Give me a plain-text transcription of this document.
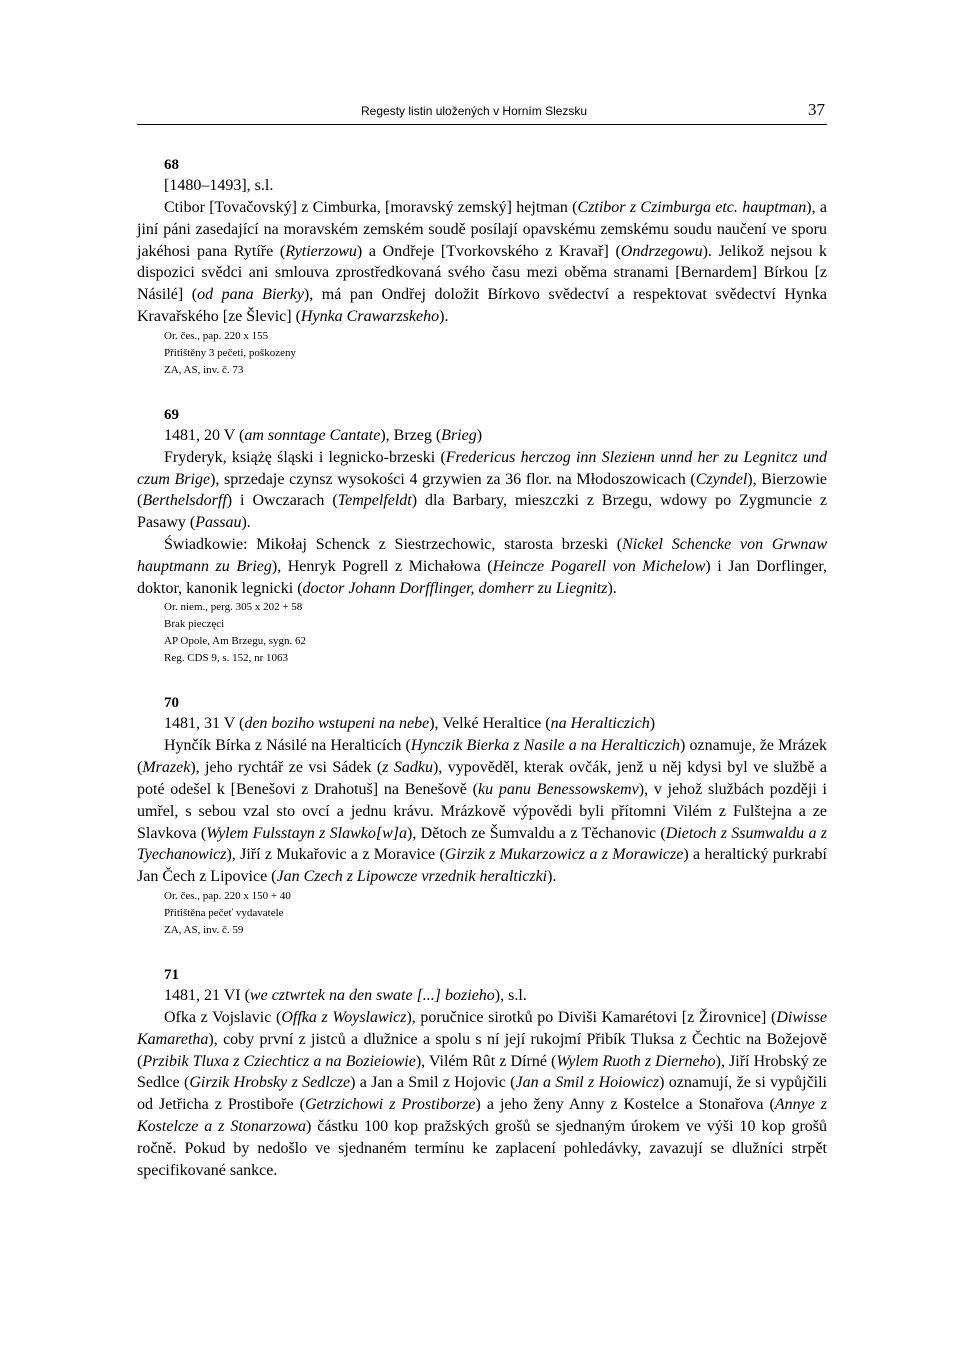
Regesty listin uložených v Horním Slezsku	37
68
[1480–1493], s.l.

Ctibor [Tovačovský] z Cimburka, [moravský zemský] hejtman (Cztibor z Czimburga etc. hauptman), a jiní páni zasedající na moravském zemském soudě posílají opavskému zemskému soudu naučení ve sporu jakéhosi pana Rytíře (Rytierzowu) a Ondřeje [Tvorkovského z Kravař] (Ondrzegowu). Jelikož nejsou k dispozici svědci ani smlouva zprostředkovaná svého času mezi oběma stranami [Bernardem] Bírkou [z Násilé] (od pana Bierky), má pan Ondřej doložit Bírkovo svědectví a respektovat svědectví Hynka Kravařského [ze Šlevic] (Hynka Crawarzskeho).

Or. čes., pap. 220 x 155
Přitištěny 3 pečeti, poškozeny
ZA, AS, inv. č. 73
69
1481, 20 V (am sonntage Cantate), Brzeg (Brieg)

Fryderyk, książę śląski i legnicko-brzeski (Fredericus herczog inn Sleziенn unnd her zu Legnitcz und czum Brige), sprzedaje czynsz wysokości 4 grzywien za 36 flor. na Młodoszowicach (Czyndel), Bierzowie (Berthelsdorff) i Owczarach (Tempelfeldt) dla Barbary, mieszczki z Brzegu, wdowy po Zygmuncie z Pasawy (Passau).

Świadkowie: Mikołaj Schenck z Siestrzechowic, starosta brzeski (Nickel Schencke von Grwnaw hauptmann zu Brieg), Henryk Pogrell z Michałowa (Heincze Pogarell von Michelow) i Jan Dorflinger, doktor, kanonik legnicki (doctor Johann Dorfflinger, domherr zu Liegnitz).

Or. niem., perg. 305 x 202 + 58
Brak pieczęci
AP Opole, Am Brzegu, sygn. 62
Reg. CDS 9, s. 152, nr 1063
70
1481, 31 V (den boziho wstupeni na nebe), Velké Heraltice (na Heralticzich)

Hynčík Bírka z Násilé na Heralticích (Hynczik Bierka z Nasile a na Heralticzich) oznamuje, že Mrázek (Mrazek), jeho rychtář ze vsi Sádek (z Sadku), vypověděl, kterak ovčák, jenž u něj kdysi byl ve službě a poté odešel k [Benešovi z Drahotuš] na Benešově (ku panu Benessowskemv), v jehož službách později i umřel, s sebou vzal sto ovcí a jednu krávu. Mrázkově výpovědi byli přítomni Vilém z Fulštejna a ze Slavkova (Wylem Fulsstayn z Slawko[w]a), Dětoch ze Šumvaldu a z Těchanovic (Dietoch z Ssumwaldu a z Tyechanowicz), Jiří z Mukařovic a z Moravice (Girzik z Mukarzowicz a z Morawicze) a heraltický purkrabí Jan Čech z Lipovice (Jan Czech z Lipowcze vrzednik heralticzki).

Or. čes., pap. 220 x 150 + 40
Přitištěna pečeť vydavatele
ZA, AS, inv. č. 59
71
1481, 21 VI (we cztwrtek na den swate [...] bozieho), s.l.

Ofka z Vojslavic (Offka z Woyslawicz), poručnice sirotků po Divišі Kamarétovi [z Žirovnice] (Diwisse Kamaretha), coby první z jistců a dlužnice a spolu s ní její rukojmí Přibík Tluksa z Čechtic na Božejově (Przibik Tluxa z Cziechticz a na Bozieiowie), Vilém Rût z Dírné (Wylem Ruoth z Dierneho), Jiří Hrobský ze Sedlce (Girzik Hrobsky z Sedlcze) a Jan a Smil z Hojovic (Jan a Smil z Hoiowicz) oznamují, že si vypůjčili od Jetřicha z Prostiboře (Getrzichowi z Prostiborze) a jeho ženy Anny z Kostelce a Stonařova (Annye z Kostelcze a z Stonarzowa) částku 100 kop pražských grošů se sjednaným úrokem ve výši 10 kop grošů ročně. Pokud by nedošlo ve sjednaném termínu ke zaplacení pohledávky, zavazují se dlužníci strpět specifikované sankce.
